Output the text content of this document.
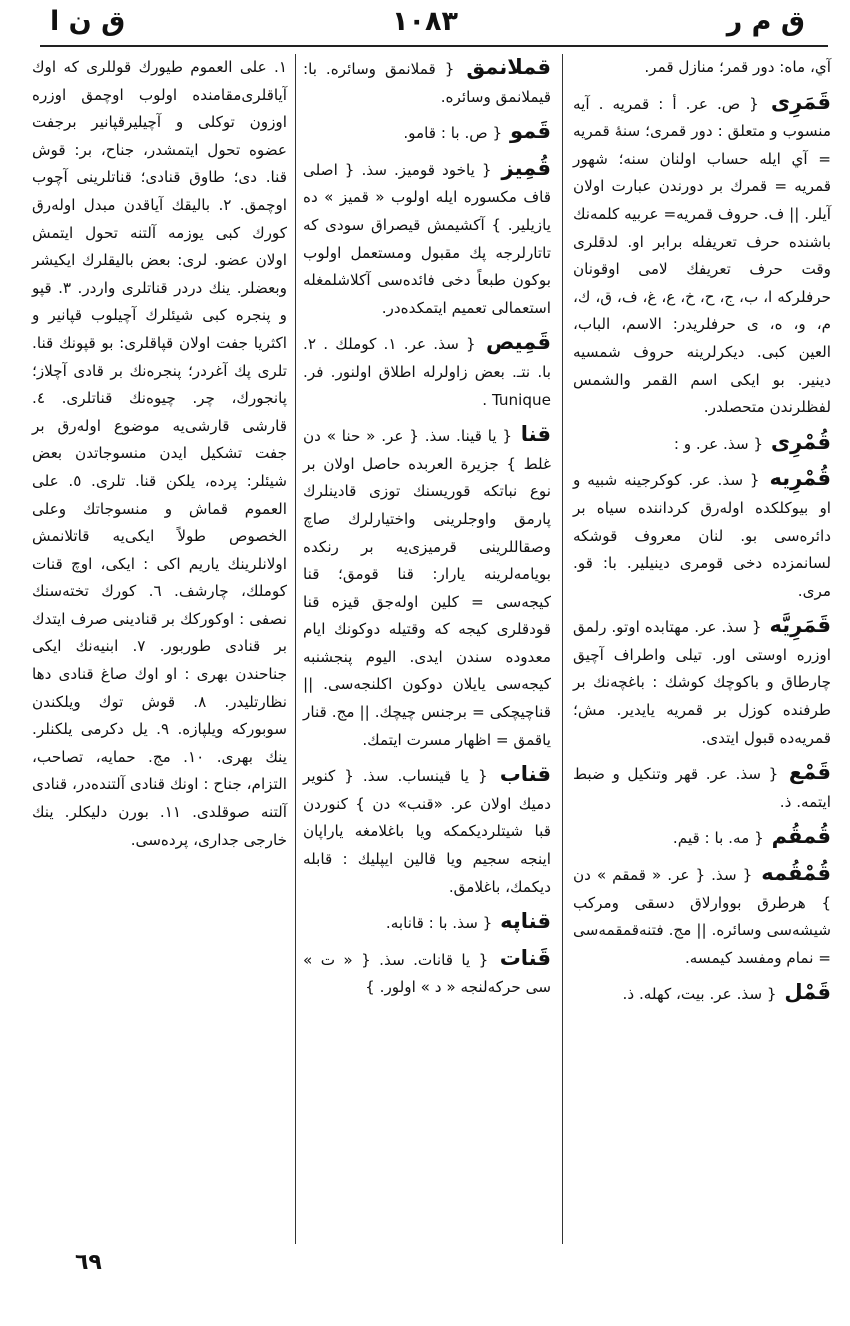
ق م ر
١٠٨٣
ق ن ا
آي، ماه: دور قمر؛ منازل قمر.
قَمَرِى { ص. عر. أ : قمريه . آيه منسوب و متعلق : دور قمرى؛ سنهٔ قمريه = آي ايله حساب اولنان سنه؛ شهور قمريه = قمرك بر دورندن عبارت اولان آيلر. || ف. حروف قمريه= عربيه كلمه‌نك باشنده حرف تعريفله برابر او. لدقلرى وقت حرف تعريفك لامى اوقونان حرفلركه ا، ب، ج، ح، خ، ع، غ، ف، ق، ك، م، و، ه، ى حرفلريدر: الاسم، الباب، العين كبى. ديكرلرينه حروف شمسيه دينير. بو ايكى اسم القمر والشمس لفظلرندن متحصلدر.
قُمْرِى { سذ. عر. و :
قُمْرِيه { سذ. عر. كوكرجينه شبيه و او بيوكلكده اولەرق كرداننده سياه بر دائره‌سى بو. لنان معروف قوشكه لسانمزده دخى قومرى دينيلير. با: قو. مرى.
قَمَرِيَّه { سذ. عر. مهتابده اوتو. رلمق اوزره اوستى اور. تيلى واطراف آچيق چارطاق و باكوچك كوشك : باغچه‌نك بر طرفنده كوزل بر قمريه يايدير. مش؛ قمريه‌ده قبول ايتدى.
قَمْع { سذ. عر. قهر وتنكيل و ضبط ايتمه. ذ.
قُمقُم { مه. با : قيم.
قُمْقُمه { سذ. { عر. « قمقم » دن } هرطرق بووارلاق دسقى ومركب شيشه‌سى وسائره. || مج. فتنه‌قمقمه‌سى = نمام ومفسد كيمسه.
قَمْل { سذ. عر. بيت، كهله. ذ.
قملانمق { قملانمق وسائره. با: قيملانمق وسائره.
قَمو { ص. با : قامو.
قُمِيز { ياخود قوميز. سذ. { اصلى قاف مكسوره ايله اولوب « قميز » ده يازيلير. } آكشيمش قيصراق سودى كه تاتارلرجه پك مقبول ومستعمل اولوب بوكون طبعاً دخى فائده‌سى آكلاشلمغله استعمالى تعميم ايتمكده‌در.
قَمِيص { سذ. عر. ١. كوملك . ٢. با. نتـ. بعض زاولرله اطلاق اولنور. فر. Tunique .
قنا { يا قينا. سذ. { عر. « حنا » دن غلط } جزيرة العربده حاصل اولان بر نوع نباتكه قوريسنك توزى قادينلرك پارمق واوجلرينى واختيارلرك صاچ وصقاللرينى قرميزى‌يه بر رنكده بويامه‌لرينه يارار: قنا قومق؛ قنا كيجه‌سى = كلين اوله‌جق قيزه قنا قودقلرى كيجه كه وقتيله دوكونك ايام معدوده سندن ايدى. اليوم پنجشنبه كيجه‌سى يايلان دوكون اكلنجه‌سى. || قناچيچكى = برجنس چيچك. || مج. قنار ياقمق = اظهار مسرت ايتمك.
قناب { يا قينساب. سذ. { كنوير دميك اولان عر. «قنب» دن } كنوردن قبا شيتلرديكمكه ويا باغلامغه ياراپان اينجه سجيم ويا قالين ايپليك : قابله ديكمك، باغلامق.
قناپه { سذ. با : قانابه.
قَنات { يا قانات. سذ. { « ت » سى حركه‌لنجه « د » اولور. }
١. على العموم طيورك قوللرى كه اوك آياقلرى‌مقامنده اولوب اوچمق اوزره اوزون توكلى و آچيلير‌قپانير برجفت عضوه تحول ايتمشدر، جناح، بر: قوش قنا. دى؛ طاوق قنادى؛ قناتلرينى آچوب اوچمق. ٢. باليقك آياقدن مبدل اوله‌رق كورك كبى يوزمه آلتنه تحول ايتمش اولان عضو. لرى: بعض باليقلرك ايكيشر وبعضلر. ينك دردر قناتلرى واردر. ٣. قپو و پنجره كبى شيئلرك آچيلوب قپانير و اكثريا جفت اولان قپاقلرى: بو قپونك قنا. تلرى پك آغردر؛ پنجره‌نك بر قادى آچلاز؛ پانجورك، چر. چيوه‌نك قناتلرى. ٤. قارشى قارشى‌يه موضوع اوله‌رق بر جفت تشكيل ايدن منسوجاتدن بعض شيئلر: پرده، يلكن قنا. تلرى. ٥. على العموم قماش و منسوجاتك وعلى الخصوص طولاً ايكى‌يه قاتلانمش اولانلرينك ياريم اكى : ايكى، اوچ قنات كوملك، چارشف. ٦. كورك تخته‌سنك نصفى : اوكوركك بر قنادينى صرف ايتدك بر قنادى طوربور. ٧. ابنيه‌نك ايكى جناحندن بهرى : او اوك صاغ قنادى دها نظارتليدر. ٨. قوش توك ويلكندن سوبوركه ويلپازه. ٩. يل دكرمى يلكنلر. ينك بهرى. ١٠. مج. حمايه، تصاحب، التزام، جناح : اونك قنادى آلتنده‌در، قنادى آلتنه صوقلدى. ١١. بورن دليكلر. ينك خارجى جدارى، پرده‌سى.
٦٩
